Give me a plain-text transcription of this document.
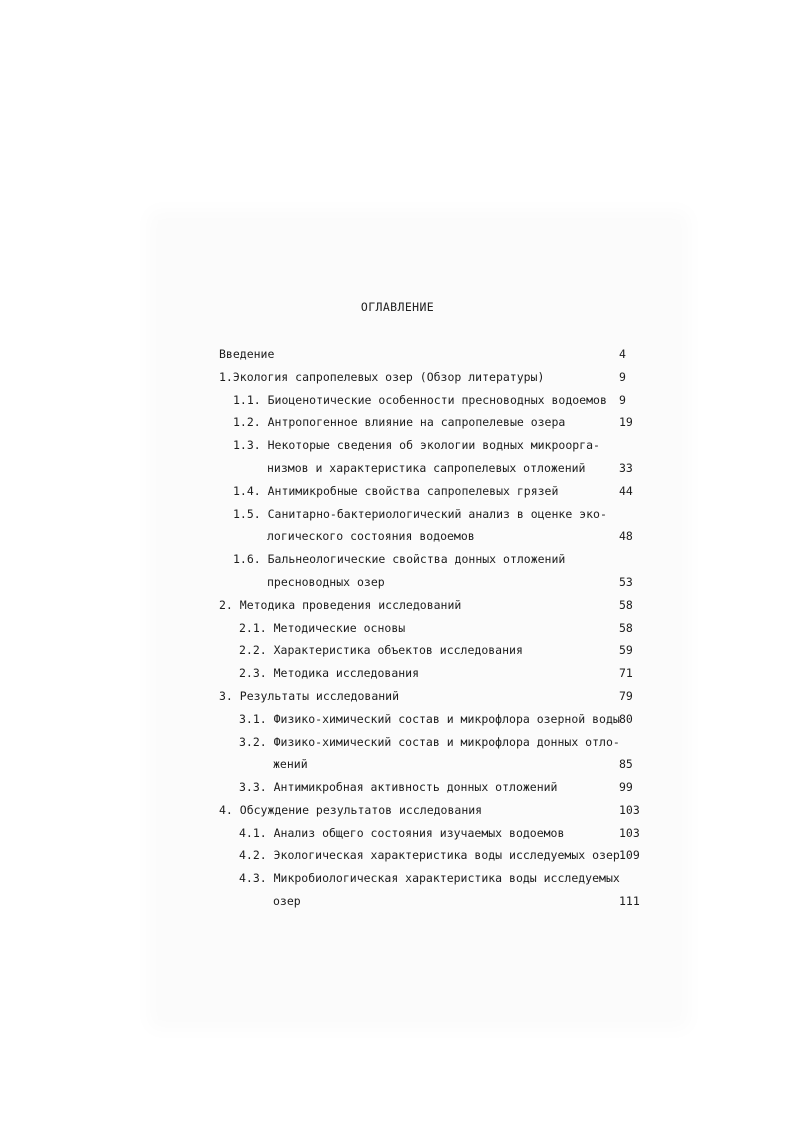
ОГЛАВЛЕНИЕ
Введение	4
1.Экология сапропелевых озер (Обзор литературы)	9
1.1. Биоценотические особенности пресноводных водоемов 9
1.2. Антропогенное влияние на сапропелевые озера	19
1.3. Некоторые сведения об экологии водных микроорга-
низмов и характеристика сапропелевых отложений	33
1.4. Антимикробные свойства сапропелевых грязей	44
1.5. Санитарно-бактериологический анализ в оценке эко-
логического состояния водоемов	48
1.6. Бальнеологические свойства донных отложений
пресноводных озер	53
2. Методика проведения исследований	58
2.1. Методические основы	58
2.2. Характеристика объектов исследования	59
2.3. Методика исследования	71
3. Результаты исследований	79
3.1. Физико-химический состав и микрофлора озерной воды 80
3.2. Физико-химический состав и микрофлора донных отло-
жений	85
3.3. Антимикробная активность донных отложений	99
4. Обсуждение результатов исследования	103
4.1. Анализ общего состояния изучаемых водоемов	103
4.2. Экологическая характеристика воды исследуемых озер 109
4.3. Микробиологическая характеристика воды исследуемых
озер	111
